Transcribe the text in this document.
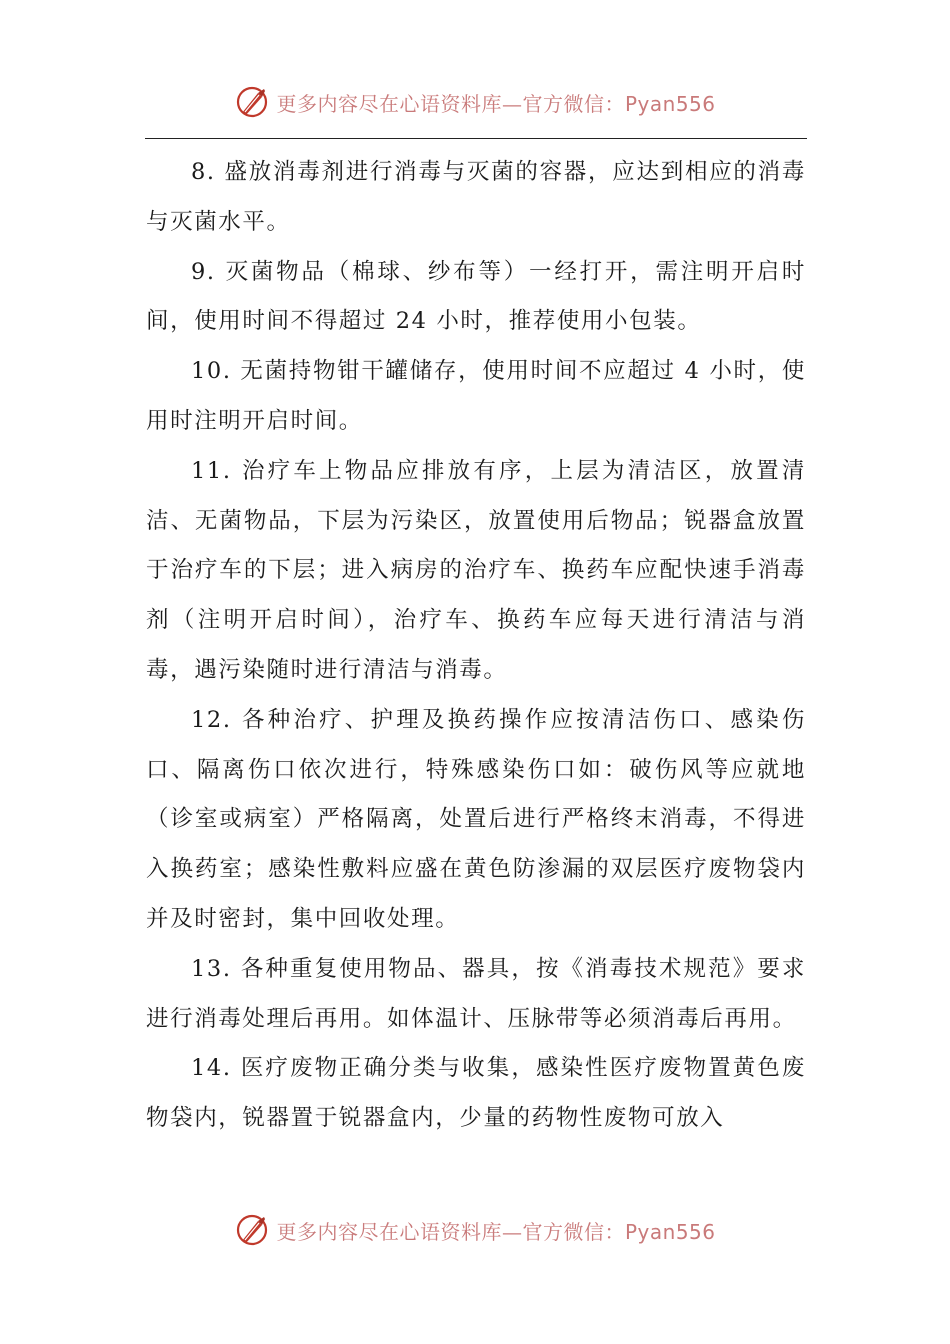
更多内容尽在心语资料库—官方微信：Pyan556

8. 盛放消毒剂进行消毒与灭菌的容器，应达到相应的消毒与灭菌水平。

9. 灭菌物品（棉球、纱布等）一经打开，需注明开启时间，使用时间不得超过 24 小时，推荐使用小包装。

10. 无菌持物钳干罐储存，使用时间不应超过 4 小时，使用时注明开启时间。

11. 治疗车上物品应排放有序，上层为清洁区，放置清洁、无菌物品，下层为污染区，放置使用后物品；锐器盒放置于治疗车的下层；进入病房的治疗车、换药车应配快速手消毒剂（注明开启时间），治疗车、换药车应每天进行清洁与消毒，遇污染随时进行清洁与消毒。

12. 各种治疗、护理及换药操作应按清洁伤口、感染伤口、隔离伤口依次进行，特殊感染伤口如：破伤风等应就地（诊室或病室）严格隔离，处置后进行严格终末消毒，不得进入换药室；感染性敷料应盛在黄色防渗漏的双层医疗废物袋内并及时密封，集中回收处理。

13. 各种重复使用物品、器具，按《消毒技术规范》要求进行消毒处理后再用。如体温计、压脉带等必须消毒后再用。

14. 医疗废物正确分类与收集，感染性医疗废物置黄色废物袋内，锐器置于锐器盒内，少量的药物性废物可放入

更多内容尽在心语资料库—官方微信：Pyan556
